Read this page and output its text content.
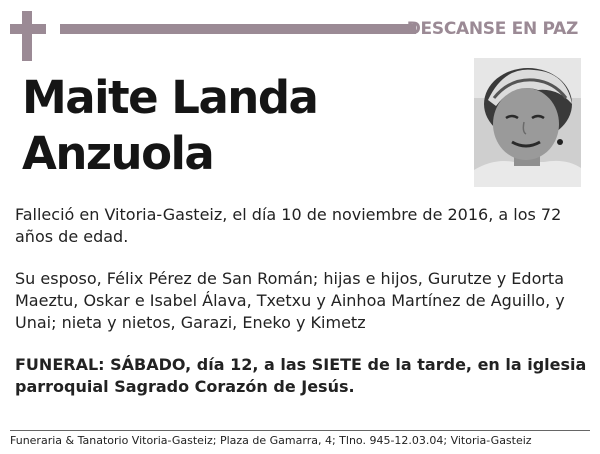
DESCANSE EN PAZ
Maite Landa
Anzuola

Falleció en Vitoria-Gasteiz, el día 10 de noviembre de 2016, a los 72 años de edad.

Su esposo, Félix Pérez de San Román; hijas e hijos, Gurutze y Edorta Maeztu, Oskar e Isabel Álava, Txetxu y Ainhoa Martínez de Aguillo, y Unai; nieta y nietos, Garazi, Eneko y Kimetz

FUNERAL: SÁBADO, día 12, a las SIETE de la tarde, en la iglesia parroquial Sagrado Corazón de Jesús.

Funeraria & Tanatorio Vitoria-Gasteiz; Plaza de Gamarra, 4; Tlno. 945-12.03.04; Vitoria-Gasteiz
